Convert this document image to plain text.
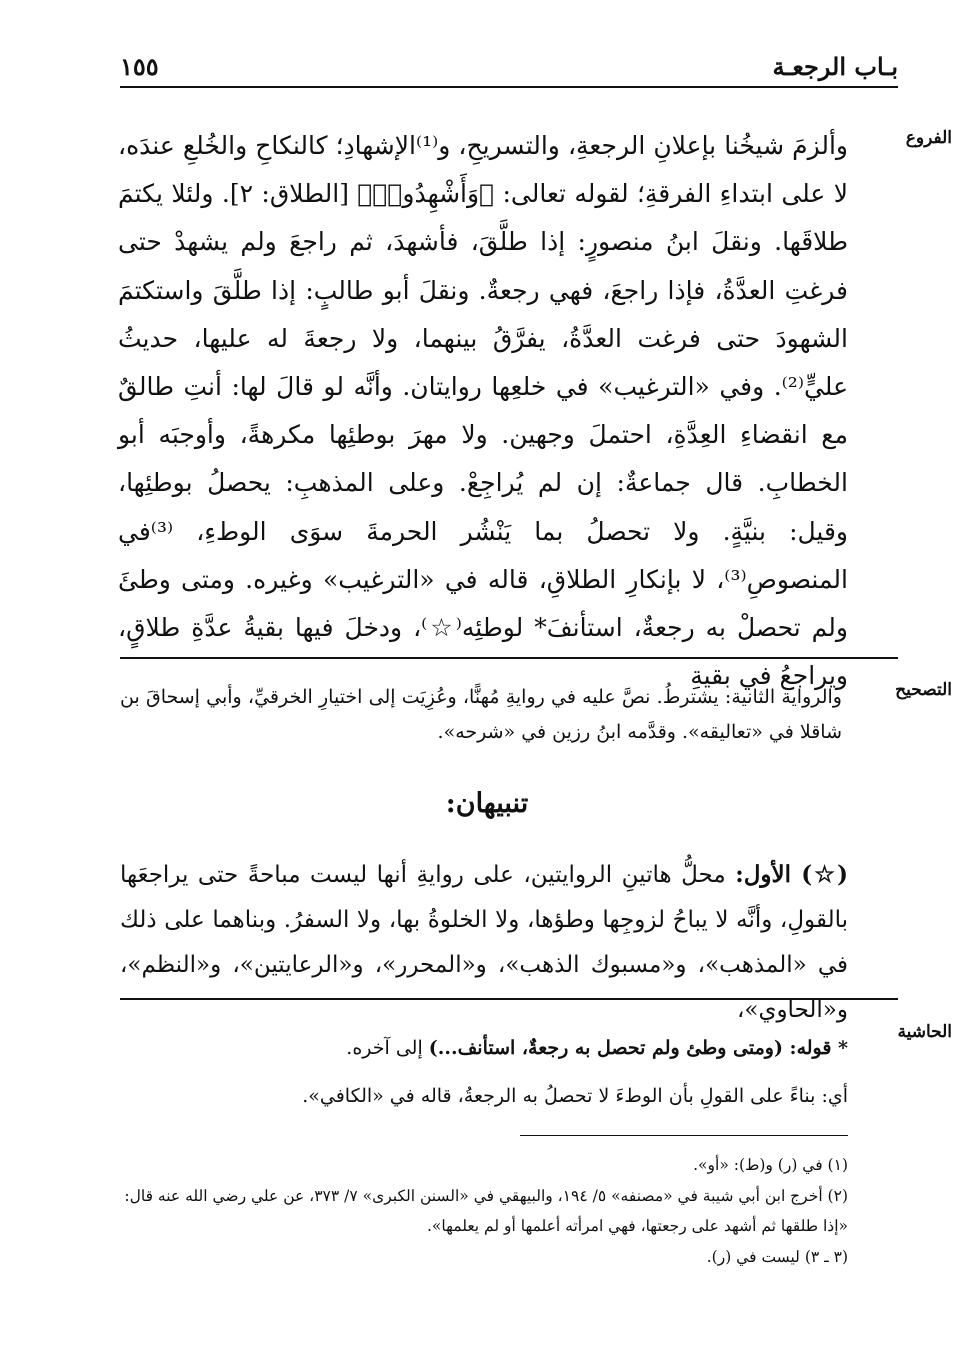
بـاب الرجعـة
١٥٥
الفروع

وألزمَ شيخُنا بإعلانِ الرجعةِ، والتسريحِ، و⁽¹⁾الإشهادِ؛ كالنكاحِ والخُلعِ عندَه، لا على ابتداءِ الفرقةِ؛ لقوله تعالى: ﴿وَأَشْهِدُوا۟﴾ [الطلاق: ٢]. ولئلا يكتمَ طلاقَها. ونقلَ ابنُ منصورٍ: إذا طلَّقَ، فأشهدَ، ثم راجعَ ولم يشهدْ حتى فرغتِ العدَّةُ، فإذا راجعَ، فهي رجعةٌ. ونقلَ أبو طالبٍ: إذا طلَّقَ واستكتمَ الشهودَ حتى فرغت العدَّةُ، يفرَّقُ بينهما، ولا رجعةَ له عليها، حديثُ عليٍّ⁽²⁾. وفي «الترغيب» في خلعِها روايتان. وأنَّه لو قالَ لها: أنتِ طالقٌ مع انقضاءِ العِدَّةِ، احتملَ وجهين. ولا مهرَ بوطئِها مكرهةً، وأوجبَه أبو الخطابِ. قال جماعةٌ: إن لم يُراجِعْ. وعلى المذهبِ: يحصلُ بوطئِها، وقيل: بنيَّةٍ. ولا تحصلُ بما يَنْشُر الحرمةَ سوَى الوطءِ، ⁽³⁾في المنصوصِ⁽³⁾، لا بإنكارِ الطلاقِ، قاله في «الترغيب» وغيره. ومتى وطئَ ولم تحصلْ به رجعةٌ، استأنفَ* لوطئِه⁽☆⁾، ودخلَ فيها بقيةُ عدَّةِ طلاقٍ، ويراجعُ في بقيةِ	التصحيح

والرواية الثانية: يشترطُ. نصَّ عليه في روايةِ مُهنًّا، وعُزِيَت إلى اختيارِ الخرقيِّ، وأبي إسحاقَ بن شاقلا في «تعاليقه». وقدَّمه ابنُ رزين في «شرحه».

تنبيهان:

(☆) الأول: محلُّ هاتينِ الروايتين، على روايةِ أنها ليست مباحةً حتى يراجعَها بالقولِ، وأنَّه لا يباحُ لزوجِها وطؤها، ولا الخلوةُ بها، ولا السفرُ. وبناهما على ذلك في «المذهب»، و«مسبوك الذهب»، و«المحرر»، و«الرعايتين»، و«النظم»، و«الحاوي»،

الحاشية

* قوله: (ومتى وطئ ولم تحصل به رجعةٌ، استأنف...) إلى آخره.

أي: بناءً على القولِ بأن الوطءَ لا تحصلُ به الرجعةُ، قاله في «الكافي».

(١) في (ر) و(ط): «أو».

(٢) أخرج ابن أبي شيبة في «مصنفه» ٥/ ١٩٤، والبيهقي في «السنن الكبرى» ٧/ ٣٧٣، عن علي رضي الله عنه قال:

«إذا طلقها ثم أشهد على رجعتها، فهي امرأته أعلمها أو لم يعلمها».

(٣ ـ ٣) ليست في (ر).
